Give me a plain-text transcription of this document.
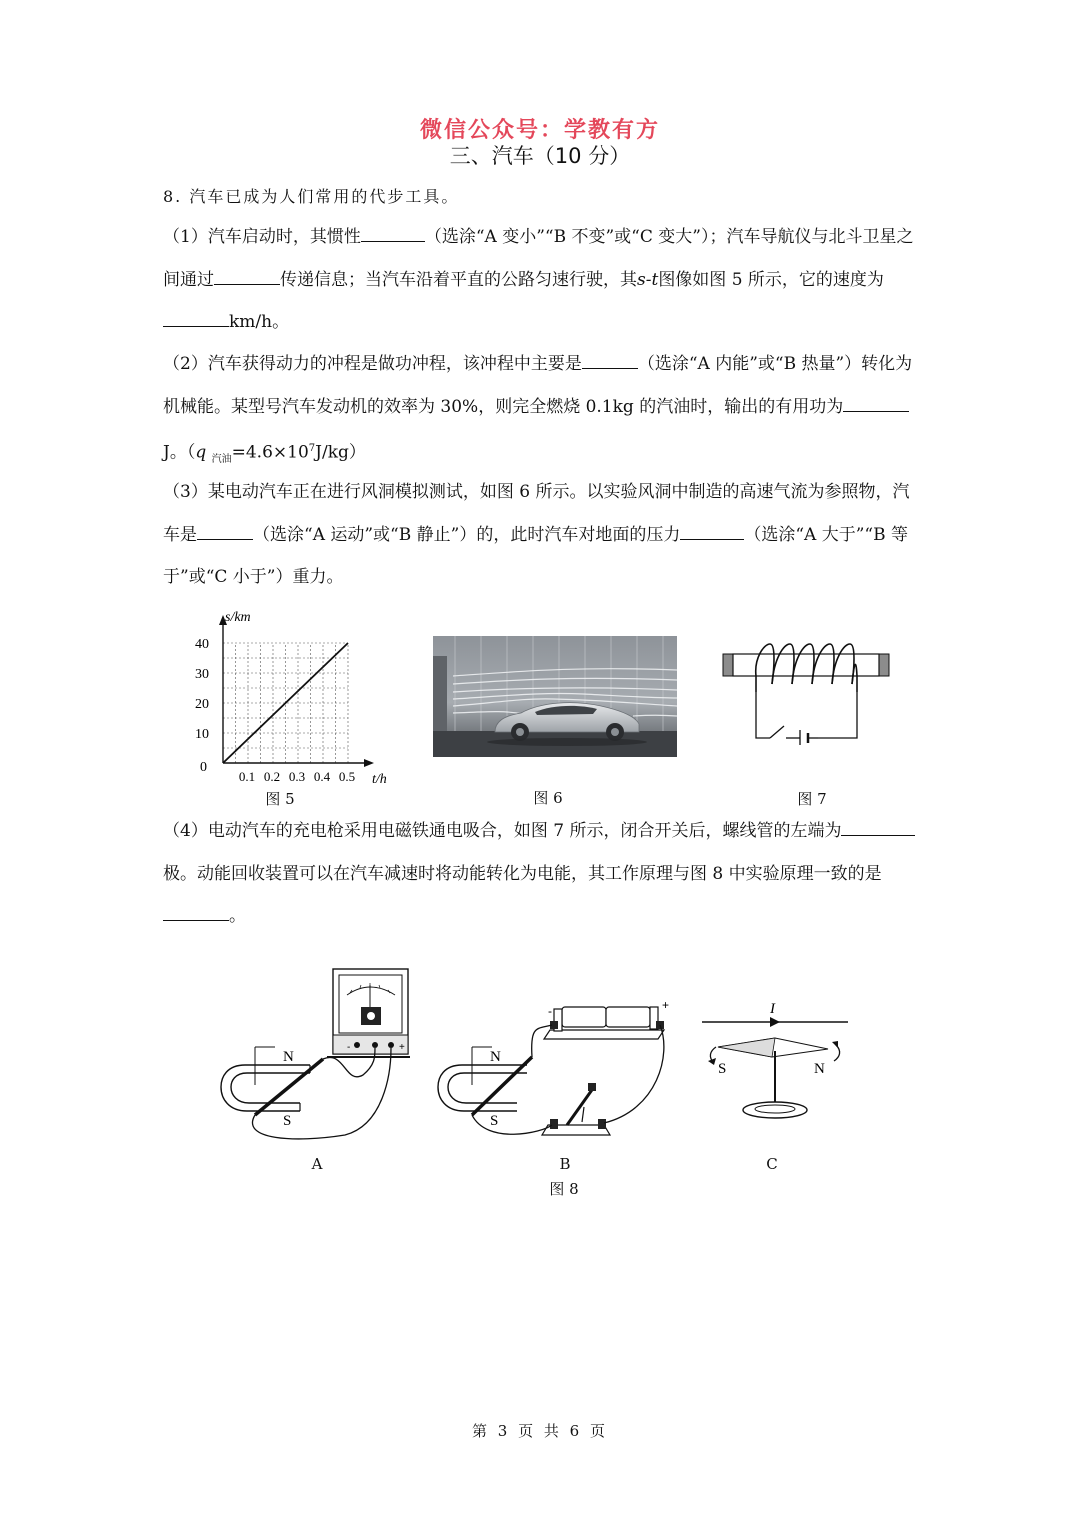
微信公众号：学教有方
三、汽车（10 分）
8. 汽车已成为人们常用的代步工具。
（1）汽车启动时，其惯性	（选涂“A 变小”“B 不变”或“C 变大”）；汽车导航仪与北斗卫星之间通过	传递信息；当汽车沿着平直的公路匀速行驶，其s-t图像如图 5 所示，它的速度为km/h。
（2）汽车获得动力的冲程是做功冲程，该冲程中主要是	（选涂“A 内能”或“B 热量”）转化为机械能。某型号汽车发动机的效率为 30%，则完全燃烧 0.1kg 的汽油时，输出的有用功为J。（q $_{汽油}=4.6\times 10^7J/kg$）
（3）某电动汽车正在进行风洞模拟测试，如图 6 所示。以实验风洞中制造的高速气流为参照物，汽车是	（选涂“A 运动”或“B 静止”）的，此时汽车对地面的压力	（选涂“A 大于”“B 等于”或“C 小于”）重力。
0.1 0.2 0.3 0.4 0.5
10
20
30
40
0
s/km
t/h
图 5	图 6	图 7
（4）电动汽车的充电枪采用电磁铁通电吸合，如图 7 所示，闭合开关后，螺线管的左端为极。动能回收装置可以在汽车减速时将动能转化为电能，其工作原理与图 8 中实验原理一致的是。
-	+
N
S
N
S
-	+	I
S	N
A	B	C
图 8
第 3 页 共 6 页
